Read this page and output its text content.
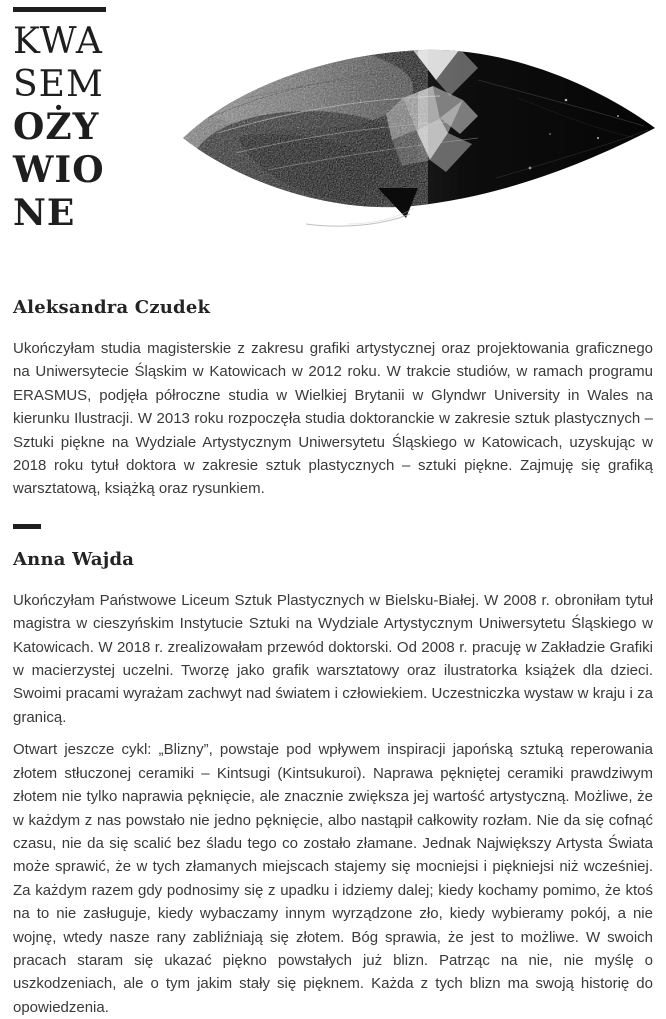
KWA
SEM
OŻY
WIO
NE
Aleksandra Czudek

Ukończyłam studia magisterskie z zakresu grafiki artystycznej oraz projektowania graficznego na Uniwersytecie Śląskim w Katowicach w 2012 roku. W trakcie studiów, w ramach programu ERASMUS, podjęła półroczne studia w Wielkiej Brytanii w Glyndwr University in Wales na kierunku Ilustracji. W 2013 roku rozpoczęła studia doktoranckie w zakresie sztuk plastycznych – Sztuki piękne na Wydziale Artystycznym Uniwersytetu Śląskiego w Katowicach, uzyskując w 2018 roku tytuł doktora w zakresie sztuk plastycznych – sztuki piękne. Zajmuję się grafiką warsztatową, książką oraz rysunkiem.

Anna Wajda

Ukończyłam Państwowe Liceum Sztuk Plastycznych w Bielsku-Białej. W 2008 r. obroniłam tytuł magistra w cieszyńskim Instytucie Sztuki na Wydziale Artystycznym Uniwersytetu Śląskiego w Katowicach. W 2018 r. zrealizowałam przewód doktorski. Od 2008 r. pracuję w Zakładzie Grafiki w macierzystej uczelni. Tworzę jako grafik warsztatowy oraz ilustratorka książek dla dzieci. Swoimi pracami wyrażam zachwyt nad światem i człowiekiem. Uczestniczka wystaw w kraju i za granicą.

Otwart jeszcze cykl: „Blizny”, powstaje pod wpływem inspiracji japońską sztuką reperowania złotem stłuczonej ceramiki – Kintsugi (Kintsukuroi). Naprawa pękniętej ceramiki prawdziwym złotem nie tylko naprawia pęknięcie, ale znacznie zwiększa jej wartość artystyczną. Możliwe, że w każdym z nas powstało nie jedno pęknięcie, albo nastąpił całkowity rozłam. Nie da się cofnąć czasu, nie da się scalić bez śladu tego co zostało złamane. Jednak Największy Artysta Świata może sprawić, że w tych złamanych miejscach stajemy się mocniejsi i piękniejsi niż wcześniej. Za każdym razem gdy podnosimy się z upadku i idziemy dalej; kiedy kochamy pomimo, że ktoś na to nie zasługuje, kiedy wybaczamy innym wyrządzone zło, kiedy wybieramy pokój, a nie wojnę, wtedy nasze rany zabliźniają się złotem. Bóg sprawia, że jest to możliwe. W swoich pracach staram się ukazać piękno powstałych już blizn. Patrząc na nie, nie myślę o uszkodzeniach, ale o tym jakim stały się pięknem. Każda z tych blizn ma swoją historię do opowiedzenia.
